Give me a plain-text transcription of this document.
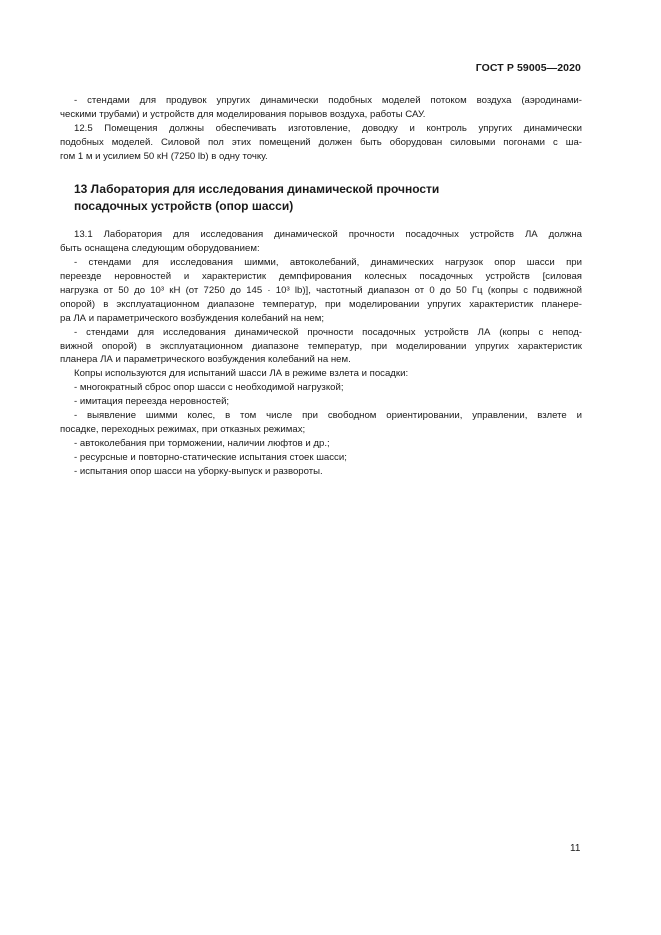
ГОСТ Р 59005—2020
- стендами для продувок упругих динамически подобных моделей потоком воздуха (аэродинами-
ческими трубами) и устройств для моделирования порывов воздуха, работы САУ.
12.5 Помещения должны обеспечивать изготовление, доводку и контроль упругих динамически
подобных моделей. Силовой пол этих помещений должен быть оборудован силовыми погонами с ша-
гом 1 м и усилием 50 кН (7250 lb) в одну точку.
13 Лаборатория для исследования динамической прочности
посадочных устройств (опор шасси)
13.1 Лаборатория для исследования динамической прочности посадочных устройств ЛА должна
быть оснащена следующим оборудованием:
- стендами для исследования шимми, автоколебаний, динамических нагрузок опор шасси при
переезде неровностей и характеристик демпфирования колесных посадочных устройств [силовая
нагрузка от 50 до 10³ кН (от 7250 до 145 · 10³ lb)], частотный диапазон от 0 до 50 Гц (копры с подвижной
опорой) в эксплуатационном диапазоне температур, при моделировании упругих характеристик планере-
ра ЛА и параметрического возбуждения колебаний на нем;
- стендами для исследования динамической прочности посадочных устройств ЛА (копры с непод-
вижной опорой) в эксплуатационном диапазоне температур, при моделировании упругих характеристик
планера ЛА и параметрического возбуждения колебаний на нем.
Копры используются для испытаний шасси ЛА в режиме взлета и посадки:
- многократный сброс опор шасси с необходимой нагрузкой;
- имитация переезда неровностей;
- выявление шимми колес, в том числе при свободном ориентировании, управлении, взлете и
посадке, переходных режимах, при отказных режимах;
- автоколебания при торможении, наличии люфтов и др.;
- ресурсные и повторно-статические испытания стоек шасси;
- испытания опор шасси на уборку-выпуск и развороты.
11
